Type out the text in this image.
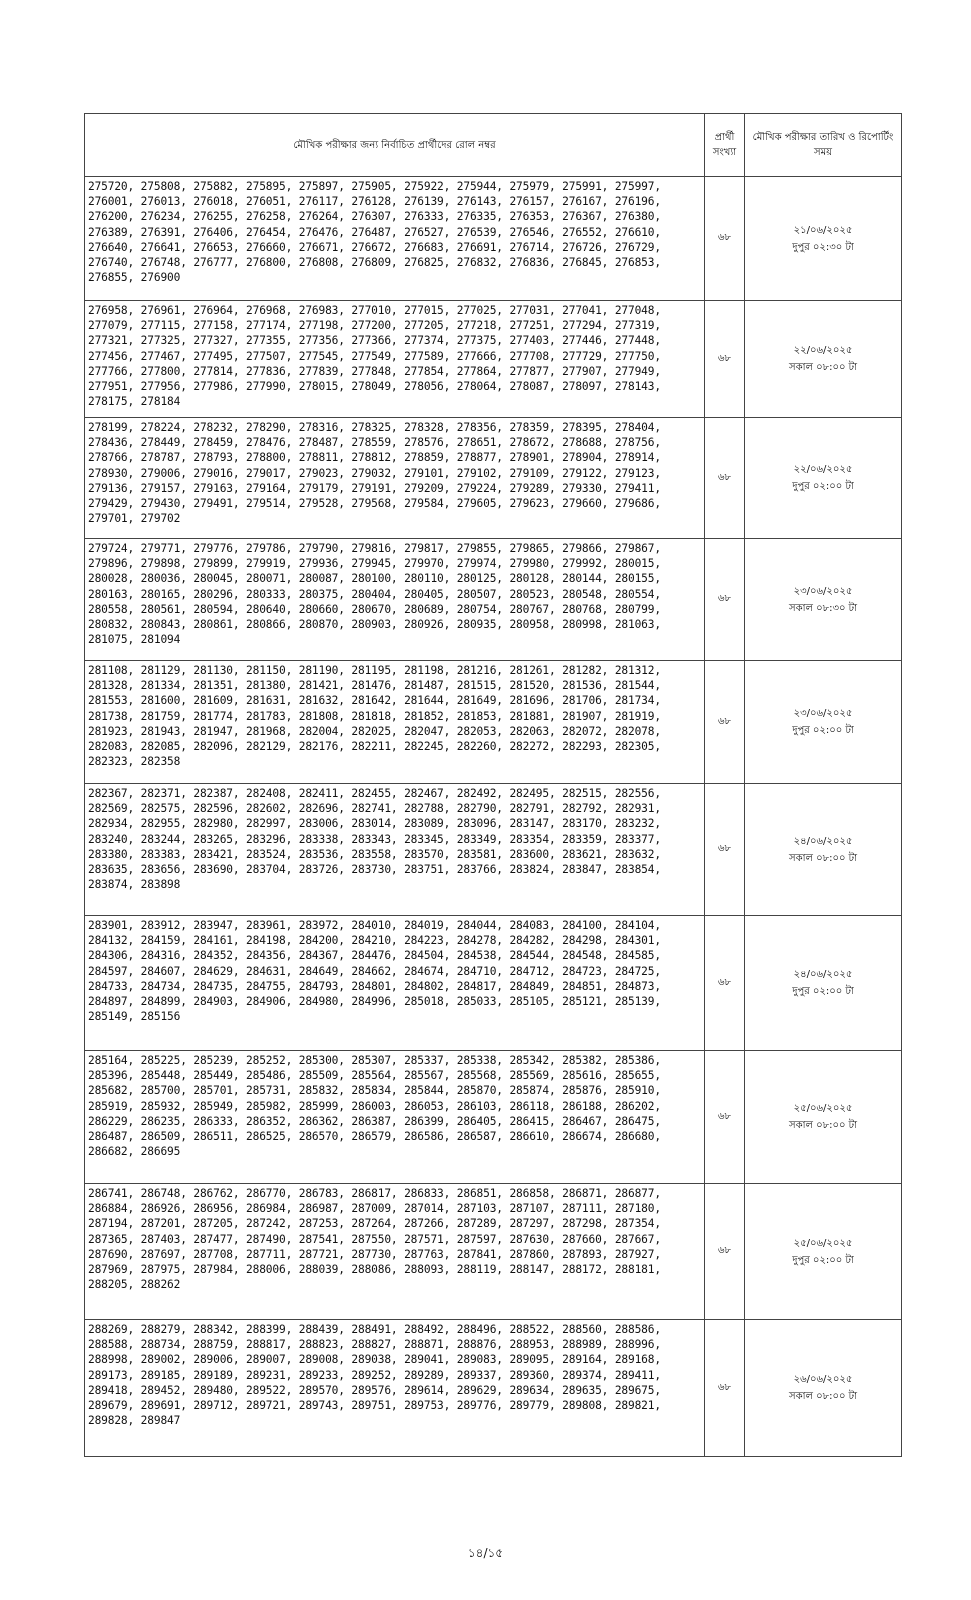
মৌখিক পরীক্ষার জন্য নির্বাচিত প্রার্থীদের রোল নম্বর	প্রার্থী সংখ্যা	মৌখিক পরীক্ষার তারিখ ও রিপোর্টিং সময়
275720, 275808, 275882, 275895, 275897, 275905, 275922, 275944, 275979, 275991, 275997, 276001, 276013, 276018, 276051, 276117, 276128, 276139, 276143, 276157, 276167, 276196, 276200, 276234, 276255, 276258, 276264, 276307, 276333, 276335, 276353, 276367, 276380, 276389, 276391, 276406, 276454, 276476, 276487, 276527, 276539, 276546, 276552, 276610, 276640, 276641, 276653, 276660, 276671, 276672, 276683, 276691, 276714, 276726, 276729, 276740, 276748, 276777, 276800, 276808, 276809, 276825, 276832, 276836, 276845, 276853, 276855, 276900	৬৮	২১/০৬/২০২৫
দুপুর ০২:৩০ টা

276958, 276961, 276964, 276968, 276983, 277010, 277015, 277025, 277031, 277041, 277048, 277079, 277115, 277158, 277174, 277198, 277200, 277205, 277218, 277251, 277294, 277319, 277321, 277325, 277327, 277355, 277356, 277366, 277374, 277375, 277403, 277446, 277448, 277456, 277467, 277495, 277507, 277545, 277549, 277589, 277666, 277708, 277729, 277750, 277766, 277800, 277814, 277836, 277839, 277848, 277854, 277864, 277877, 277907, 277949, 277951, 277956, 277986, 277990, 278015, 278049, 278056, 278064, 278087, 278097, 278143, 278175, 278184	৬৮	২২/০৬/২০২৫
সকাল ০৮:০০ টা

278199, 278224, 278232, 278290, 278316, 278325, 278328, 278356, 278359, 278395, 278404, 278436, 278449, 278459, 278476, 278487, 278559, 278576, 278651, 278672, 278688, 278756, 278766, 278787, 278793, 278800, 278811, 278812, 278859, 278877, 278901, 278904, 278914, 278930, 279006, 279016, 279017, 279023, 279032, 279101, 279102, 279109, 279122, 279123, 279136, 279157, 279163, 279164, 279179, 279191, 279209, 279224, 279289, 279330, 279411, 279429, 279430, 279491, 279514, 279528, 279568, 279584, 279605, 279623, 279660, 279686, 279701, 279702	৬৮	২২/০৬/২০২৫
দুপুর ০২:০০ টা

279724, 279771, 279776, 279786, 279790, 279816, 279817, 279855, 279865, 279866, 279867, 279896, 279898, 279899, 279919, 279936, 279945, 279970, 279974, 279980, 279992, 280015, 280028, 280036, 280045, 280071, 280087, 280100, 280110, 280125, 280128, 280144, 280155, 280163, 280165, 280296, 280333, 280375, 280404, 280405, 280507, 280523, 280548, 280554, 280558, 280561, 280594, 280640, 280660, 280670, 280689, 280754, 280767, 280768, 280799, 280832, 280843, 280861, 280866, 280870, 280903, 280926, 280935, 280958, 280998, 281063, 281075, 281094	৬৮	২৩/০৬/২০২৫
সকাল ০৮:৩০ টা

281108, 281129, 281130, 281150, 281190, 281195, 281198, 281216, 281261, 281282, 281312, 281328, 281334, 281351, 281380, 281421, 281476, 281487, 281515, 281520, 281536, 281544, 281553, 281600, 281609, 281631, 281632, 281642, 281644, 281649, 281696, 281706, 281734, 281738, 281759, 281774, 281783, 281808, 281818, 281852, 281853, 281881, 281907, 281919, 281923, 281943, 281947, 281968, 282004, 282025, 282047, 282053, 282063, 282072, 282078, 282083, 282085, 282096, 282129, 282176, 282211, 282245, 282260, 282272, 282293, 282305, 282323, 282358	৬৮	২৩/০৬/২০২৫
দুপুর ০২:০০ টা

282367, 282371, 282387, 282408, 282411, 282455, 282467, 282492, 282495, 282515, 282556, 282569, 282575, 282596, 282602, 282696, 282741, 282788, 282790, 282791, 282792, 282931, 282934, 282955, 282980, 282997, 283006, 283014, 283089, 283096, 283147, 283170, 283232, 283240, 283244, 283265, 283296, 283338, 283343, 283345, 283349, 283354, 283359, 283377, 283380, 283383, 283421, 283524, 283536, 283558, 283570, 283581, 283600, 283621, 283632, 283635, 283656, 283690, 283704, 283726, 283730, 283751, 283766, 283824, 283847, 283854, 283874, 283898	৬৮	২৪/০৬/২০২৫
সকাল ০৮:০০ টা

283901, 283912, 283947, 283961, 283972, 284010, 284019, 284044, 284083, 284100, 284104, 284132, 284159, 284161, 284198, 284200, 284210, 284223, 284278, 284282, 284298, 284301, 284306, 284316, 284352, 284356, 284367, 284476, 284504, 284538, 284544, 284548, 284585, 284597, 284607, 284629, 284631, 284649, 284662, 284674, 284710, 284712, 284723, 284725, 284733, 284734, 284735, 284755, 284793, 284801, 284802, 284817, 284849, 284851, 284873, 284897, 284899, 284903, 284906, 284980, 284996, 285018, 285033, 285105, 285121, 285139, 285149, 285156	৬৮	২৪/০৬/২০২৫
দুপুর ০২:০০ টা

285164, 285225, 285239, 285252, 285300, 285307, 285337, 285338, 285342, 285382, 285386, 285396, 285448, 285449, 285486, 285509, 285564, 285567, 285568, 285569, 285616, 285655, 285682, 285700, 285701, 285731, 285832, 285834, 285844, 285870, 285874, 285876, 285910, 285919, 285932, 285949, 285982, 285999, 286003, 286053, 286103, 286118, 286188, 286202, 286229, 286235, 286333, 286352, 286362, 286387, 286399, 286405, 286415, 286467, 286475, 286487, 286509, 286511, 286525, 286570, 286579, 286586, 286587, 286610, 286674, 286680, 286682, 286695	৬৮	২৫/০৬/২০২৫
সকাল ০৮:০০ টা

286741, 286748, 286762, 286770, 286783, 286817, 286833, 286851, 286858, 286871, 286877, 286884, 286926, 286956, 286984, 286987, 287009, 287014, 287103, 287107, 287111, 287180, 287194, 287201, 287205, 287242, 287253, 287264, 287266, 287289, 287297, 287298, 287354, 287365, 287403, 287477, 287490, 287541, 287550, 287571, 287597, 287630, 287660, 287667, 287690, 287697, 287708, 287711, 287721, 287730, 287763, 287841, 287860, 287893, 287927, 287969, 287975, 287984, 288006, 288039, 288086, 288093, 288119, 288147, 288172, 288181, 288205, 288262	৬৮	২৫/০৬/২০২৫
দুপুর ০২:০০ টা

288269, 288279, 288342, 288399, 288439, 288491, 288492, 288496, 288522, 288560, 288586, 288588, 288734, 288759, 288817, 288823, 288827, 288871, 288876, 288953, 288989, 288996, 288998, 289002, 289006, 289007, 289008, 289038, 289041, 289083, 289095, 289164, 289168, 289173, 289185, 289189, 289231, 289233, 289252, 289289, 289337, 289360, 289374, 289411, 289418, 289452, 289480, 289522, 289570, 289576, 289614, 289629, 289634, 289635, 289675, 289679, 289691, 289712, 289721, 289743, 289751, 289753, 289776, 289779, 289808, 289821, 289828, 289847	৬৮	২৬/০৬/২০২৫
সকাল ০৮:০০ টা
১৪/১৫
